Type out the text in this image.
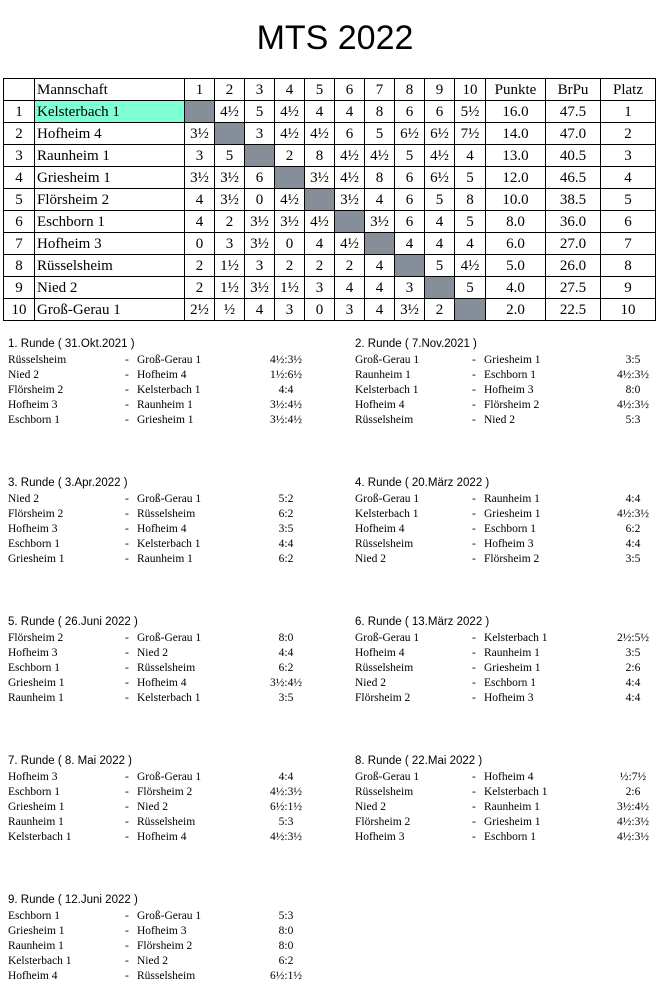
MTS 2022
	Mannschaft	1	2	3	4	5	6	7	8	9	10	Punkte	BrPu	Platz
1	Kelsterbach 1		4½	5	4½	4	4	8	6	6	5½	16.0	47.5	1
2	Hofheim 4	3½		3	4½	4½	6	5	6½	6½	7½	14.0	47.0	2
3	Raunheim 1	3	5		2	8	4½	4½	5	4½	4	13.0	40.5	3
4	Griesheim 1	3½	3½	6		3½	4½	8	6	6½	5	12.0	46.5	4
5	Flörsheim 2	4	3½	0	4½		3½	4	6	5	8	10.0	38.5	5
6	Eschborn 1	4	2	3½	3½	4½		3½	6	4	5	8.0	36.0	6
7	Hofheim 3	0	3	3½	0	4	4½		4	4	4	6.0	27.0	7
8	Rüsselsheim	2	1½	3	2	2	2	4		5	4½	5.0	26.0	8
9	Nied 2	2	1½	3½	1½	3	4	4	3		5	4.0	27.5	9
10	Groß-Gerau 1	2½	½	4	3	0	3	4	3½	2		2.0	22.5	10
1. Runde ( 31.Okt.2021 )
Rüsselsheim	- Groß-Gerau 1	4½:3½
Nied 2	- Hofheim 4	1½:6½
Flörsheim 2	- Kelsterbach 1	4:4
Hofheim 3	- Raunheim 1	3½:4½
Eschborn 1	- Griesheim 1	3½:4½
2. Runde ( 7.Nov.2021 )
Groß-Gerau 1	- Griesheim 1	3:5
Raunheim 1	- Eschborn 1	4½:3½
Kelsterbach 1	- Hofheim 3	8:0
Hofheim 4	- Flörsheim 2	4½:3½
Rüsselsheim	- Nied 2	5:3
3. Runde ( 3.Apr.2022 )
Nied 2	- Groß-Gerau 1	5:2
Flörsheim 2	- Rüsselsheim	6:2
Hofheim 3	- Hofheim 4	3:5
Eschborn 1	- Kelsterbach 1	4:4
Griesheim 1	- Raunheim 1	6:2
4. Runde ( 20.März 2022 )
Groß-Gerau 1	- Raunheim 1	4:4
Kelsterbach 1	- Griesheim 1	4½:3½
Hofheim 4	- Eschborn 1	6:2
Rüsselsheim	- Hofheim 3	4:4
Nied 2	- Flörsheim 2	3:5
5. Runde ( 26.Juni 2022 )
Flörsheim 2	- Groß-Gerau 1	8:0
Hofheim 3	- Nied 2	4:4
Eschborn 1	- Rüsselsheim	6:2
Griesheim 1	- Hofheim 4	3½:4½
Raunheim 1	- Kelsterbach 1	3:5
6. Runde ( 13.März 2022 )
Groß-Gerau 1	- Kelsterbach 1	2½:5½
Hofheim 4	- Raunheim 1	3:5
Rüsselsheim	- Griesheim 1	2:6
Nied 2	- Eschborn 1	4:4
Flörsheim 2	- Hofheim 3	4:4
7. Runde ( 8. Mai 2022 )
Hofheim 3	- Groß-Gerau 1	4:4
Eschborn 1	- Flörsheim 2	4½:3½
Griesheim 1	- Nied 2	6½:1½
Raunheim 1	- Rüsselsheim	5:3
Kelsterbach 1	- Hofheim 4	4½:3½
8. Runde ( 22.Mai 2022 )
Groß-Gerau 1	- Hofheim 4	½:7½
Rüsselsheim	- Kelsterbach 1	2:6
Nied 2	- Raunheim 1	3½:4½
Flörsheim 2	- Griesheim 1	4½:3½
Hofheim 3	- Eschborn 1	4½:3½
9. Runde ( 12.Juni 2022 )
Eschborn 1	- Groß-Gerau 1	5:3
Griesheim 1	- Hofheim 3	8:0
Raunheim 1	- Flörsheim 2	8:0
Kelsterbach 1	- Nied 2	6:2
Hofheim 4	- Rüsselsheim	6½:1½
